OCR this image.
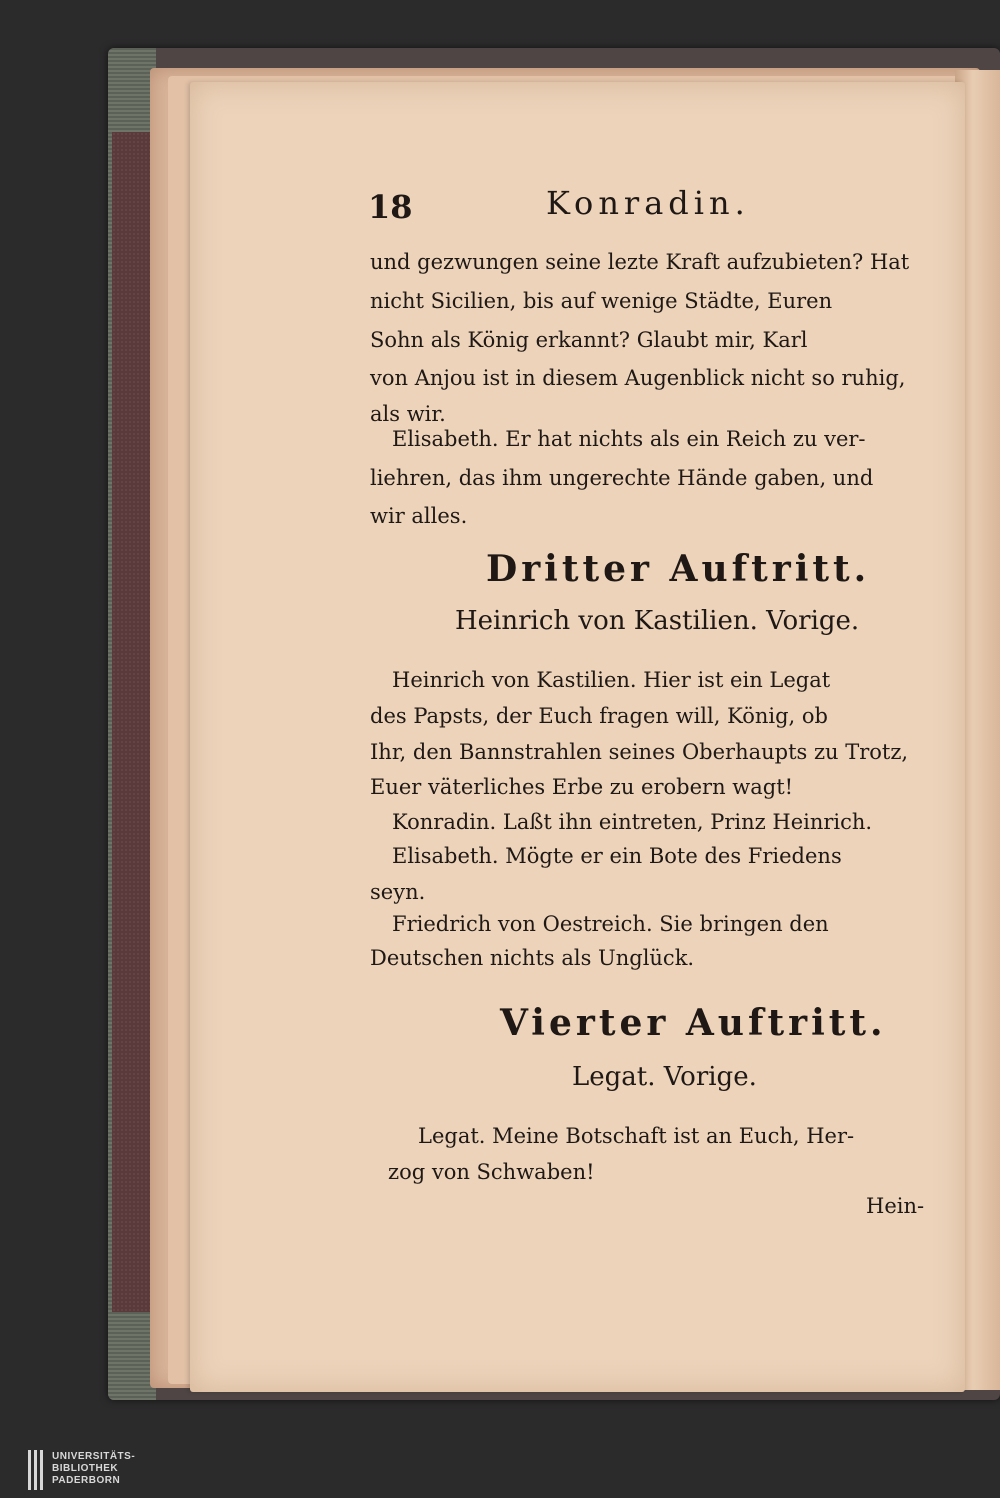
18	Konradin.
und gezwungen seine lezte Kraft aufzubieten? Hat
nicht Sicilien, bis auf wenige Städte, Euren
Sohn als König erkannt? Glaubt mir, Karl
von Anjou ist in diesem Augenblick nicht so ruhig,
als wir.
Elisabeth. Er hat nichts als ein Reich zu ver-
liehren, das ihm ungerechte Hände gaben, und
wir alles.
Dritter Auftritt.
Heinrich von Kastilien. Vorige.
Heinrich von Kastilien. Hier ist ein Legat
des Papsts, der Euch fragen will, König, ob
Ihr, den Bannstrahlen seines Oberhaupts zu Trotz,
Euer väterliches Erbe zu erobern wagt!
Konradin. Laßt ihn eintreten, Prinz Heinrich.
Elisabeth. Mögte er ein Bote des Friedens
seyn.
Friedrich von Oestreich. Sie bringen den
Deutschen nichts als Unglück.
Vierter Auftritt.
Legat. Vorige.
Legat. Meine Botschaft ist an Euch, Her-
zog von Schwaben!
Hein-
UNIVERSITÄTS-
BIBLIOTHEK
PADERBORN
